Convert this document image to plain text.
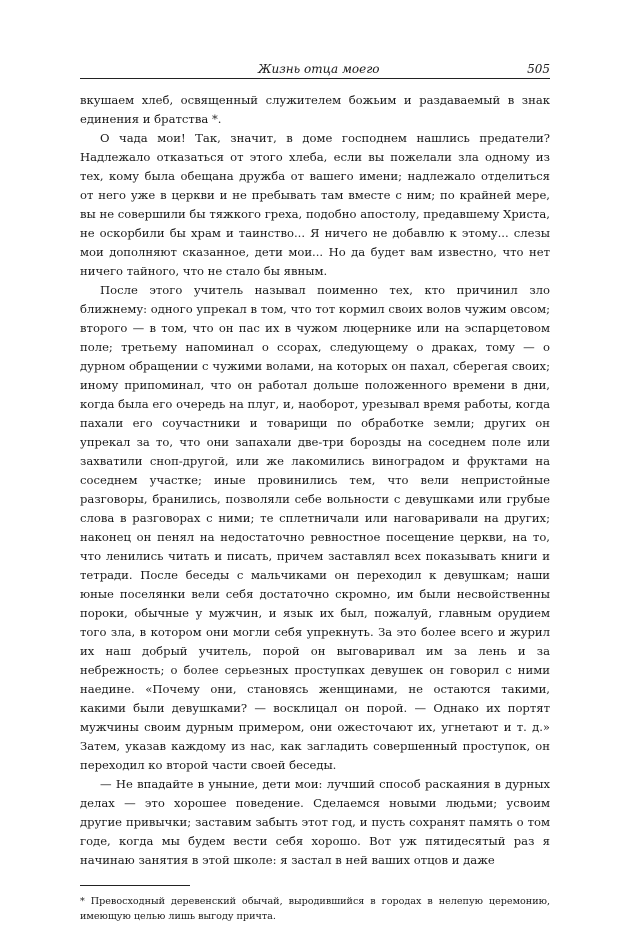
Жизнь отца моего	505

вкушаем хлеб, освященный служителем божьим и раздаваемый в знак единения и братства *.

О чада мои! Так, значит, в доме господнем нашлись предатели? Надлежало отказаться от этого хлеба, если вы пожелали зла одному из тех, кому была обещана дружба от вашего имени; надлежало отделиться от него уже в церкви и не пребывать там вместе с ним; по крайней мере, вы не совершили бы тяжкого греха, подобно апостолу, предавшему Христа, не оскорбили бы храм и таинство... Я ничего не добавлю к этому... слезы мои дополняют сказанное, дети мои... Но да будет вам известно, что нет ничего тайного, что не стало бы явным.

После этого учитель называл поименно тех, кто причинил зло ближнему: одного упрекал в том, что тот кормил своих волов чужим овсом; второго — в том, что он пас их в чужом люцернике или на эспарцетовом поле; третьему напоминал о ссорах, следующему о драках, тому — о дурном обращении с чужими волами, на которых он пахал, сберегая своих; иному припоминал, что он работал дольше положенного времени в дни, когда была его очередь на плуг, и, наоборот, урезывал время работы, когда пахали его соучастники и товарищи по обработке земли; других он упрекал за то, что они запахали две-три борозды на соседнем поле или захватили сноп-другой, или же лакомились виноградом и фруктами на соседнем участке; иные провинились тем, что вели непристойные разговоры, бранились, позволяли себе вольности с девушками или грубые слова в разговорах с ними; те сплетничали или наговаривали на других; наконец он пенял на недостаточно ревностное посещение церкви, на то, что ленились читать и писать, причем заставлял всех показывать книги и тетради. После беседы с мальчиками он переходил к девушкам; наши юные поселянки вели себя достаточно скромно, им были несвойственны пороки, обычные у мужчин, и язык их был, пожалуй, главным орудием того зла, в котором они могли себя упрекнуть. За это более всего и журил их наш добрый учитель, порой он выговаривал им за лень и за небрежность; о более серьезных проступках девушек он говорил с ними наедине. «Почему они, становясь женщинами, не остаются такими, какими были девушками? — восклицал он порой. — Однако их портят мужчины своим дурным примером, они ожесточают их, угнетают и т. д.» Затем, указав каждому из нас, как загладить совершенный проступок, он переходил ко второй части своей беседы.

— Не впадайте в уныние, дети мои: лучший способ раскаяния в дурных делах — это хорошее поведение. Сделаемся новыми людьми; усвоим другие привычки; заставим забыть этот год, и пусть сохранят память о том годе, когда мы будем вести себя хорошо. Вот уж пятидесятый раз я начинаю занятия в этой школе: я застал в ней ваших отцов и даже

* Превосходный деревенский обычай, выродившийся в городах в нелепую церемонию, имеющую целью лишь выгоду причта.
